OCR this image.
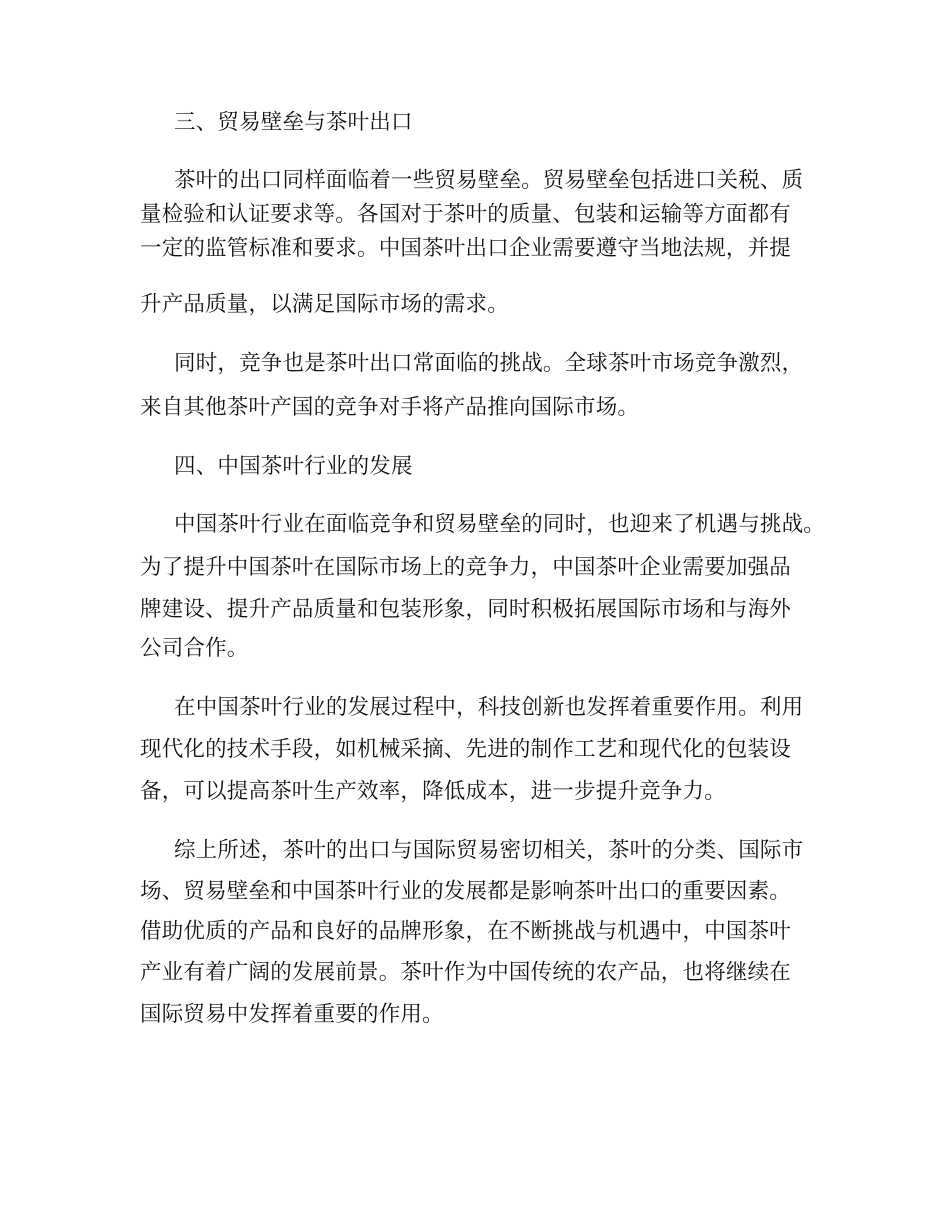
三、贸易壁垒与茶叶出口
茶叶的出口同样面临着一些贸易壁垒。贸易壁垒包括进口关税、质
量检验和认证要求等。各国对于茶叶的质量、包装和运输等方面都有
一定的监管标准和要求。中国茶叶出口企业需要遵守当地法规，并提
升产品质量，以满足国际市场的需求。
同时，竞争也是茶叶出口常面临的挑战。全球茶叶市场竞争激烈，
来自其他茶叶产国的竞争对手将产品推向国际市场。
四、中国茶叶行业的发展
中国茶叶行业在面临竞争和贸易壁垒的同时，也迎来了机遇与挑战。
为了提升中国茶叶在国际市场上的竞争力，中国茶叶企业需要加强品
牌建设、提升产品质量和包装形象，同时积极拓展国际市场和与海外
公司合作。
在中国茶叶行业的发展过程中，科技创新也发挥着重要作用。利用
现代化的技术手段，如机械采摘、先进的制作工艺和现代化的包装设
备，可以提高茶叶生产效率，降低成本，进一步提升竞争力。
综上所述，茶叶的出口与国际贸易密切相关，茶叶的分类、国际市
场、贸易壁垒和中国茶叶行业的发展都是影响茶叶出口的重要因素。
借助优质的产品和良好的品牌形象，在不断挑战与机遇中，中国茶叶
产业有着广阔的发展前景。茶叶作为中国传统的农产品，也将继续在
国际贸易中发挥着重要的作用。
